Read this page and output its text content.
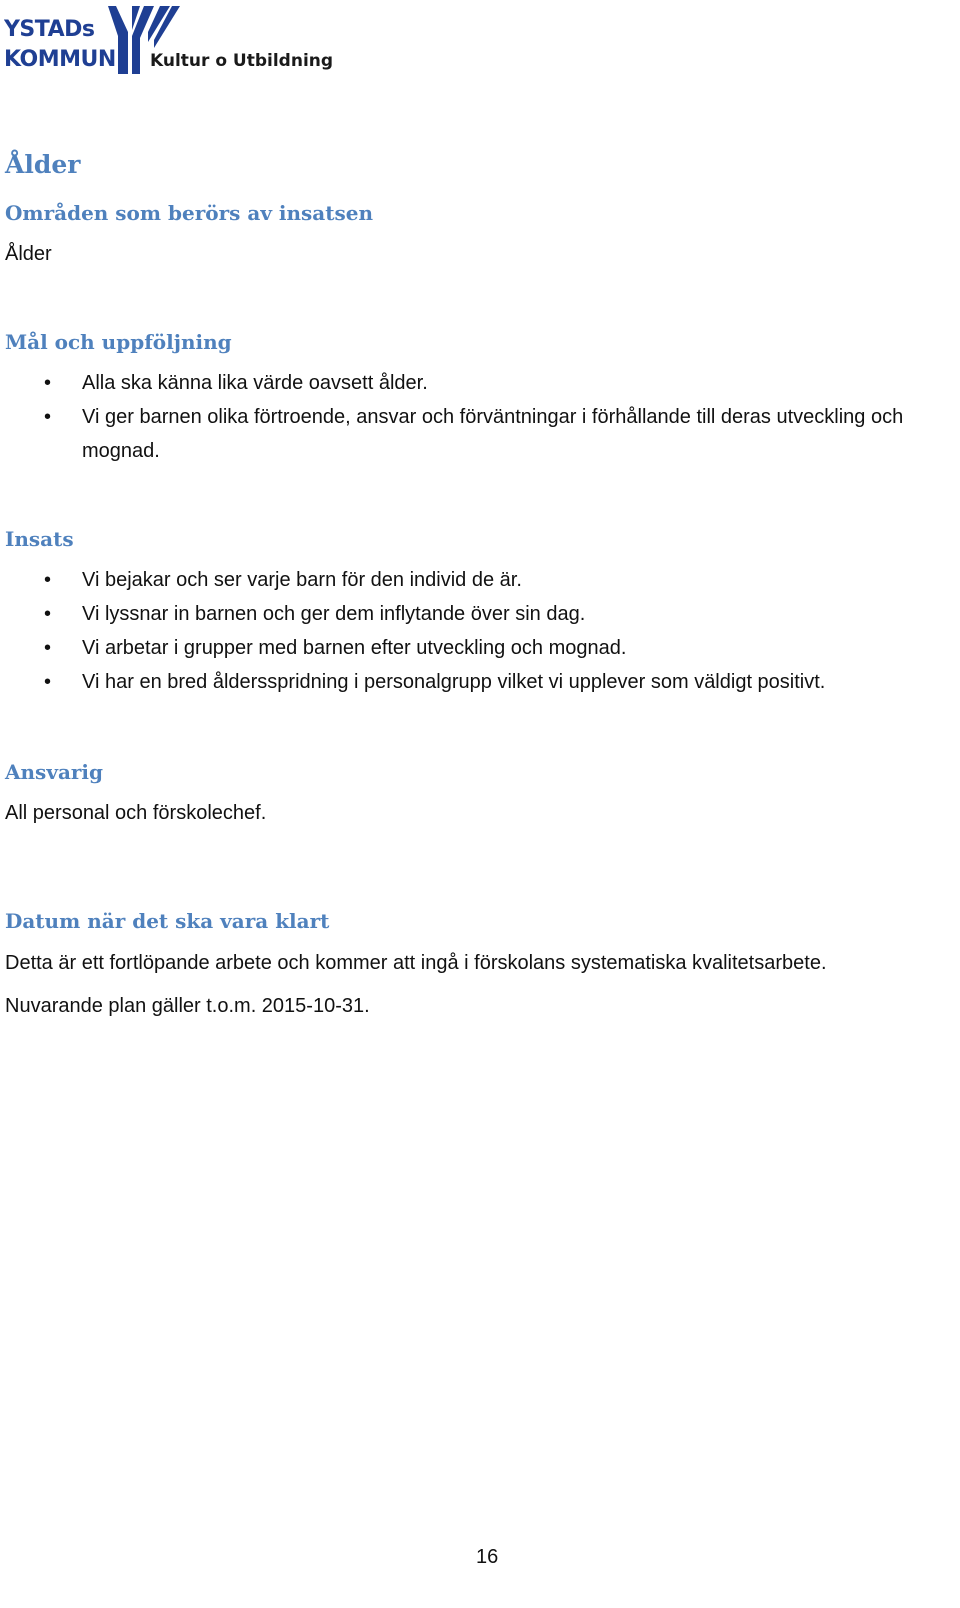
YSTADs
KOMMUN Kultur o Utbildning
Ålder
Områden som berörs av insatsen

Ålder

Mål och uppföljning
• Alla ska känna lika värde oavsett ålder.
• Vi ger barnen olika förtroende, ansvar och förväntningar i förhållande till deras utveckling och mognad.
Insats
• Vi bejakar och ser varje barn för den individ de är.
• Vi lyssnar in barnen och ger dem inflytande över sin dag.
• Vi arbetar i grupper med barnen efter utveckling och mognad.
• Vi har en bred åldersspridning i personalgrupp vilket vi upplever som väldigt positivt.
Ansvarig

All personal och förskolechef.

Datum när det ska vara klart

Detta är ett fortlöpande arbete och kommer att ingå i förskolans systematiska kvalitetsarbete.

Nuvarande plan gäller t.o.m. 2015-10-31.

16
